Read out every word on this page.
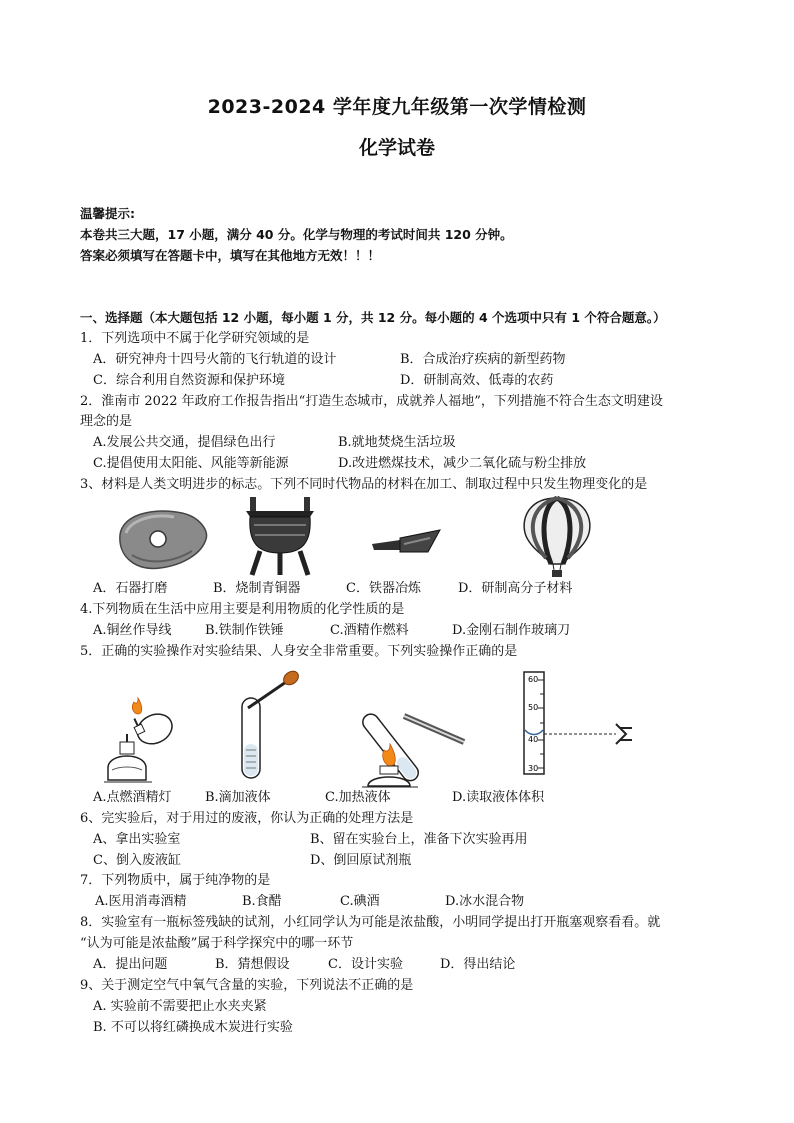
2023-2024 学年度九年级第一次学情检测
化学试卷
温馨提示:
本卷共三大题，17 小题，满分 40 分。化学与物理的考试时间共 120 分钟。
答案必须填写在答题卡中，填写在其他地方无效！！！
一、选择题（本大题包括 12 小题，每小题 1 分，共 12 分。每小题的 4 个选项中只有 1 个符合题意。）
1．下列选项中不属于化学研究领域的是
A．研究神舟十四号火箭的飞行轨道的设计	B．合成治疗疾病的新型药物
C．综合利用自然资源和保护环境	D．研制高效、低毒的农药
2．淮南市 2022 年政府工作报告指出“打造生态城市，成就养人福地”，下列措施不符合生态文明建设
理念的是
A.发展公共交通，提倡绿色出行	B.就地焚烧生活垃圾
C.提倡使用太阳能、风能等新能源	D.改进燃煤技术，减少二氧化硫与粉尘排放
3、材料是人类文明进步的标志。下列不同时代物品的材料在加工、制取过程中只发生物理变化的是
A．石器打磨	B．烧制青铜器	C．铁器冶炼	D．研制高分子材料
4.下列物质在生活中应用主要是利用物质的化学性质的是
A.铜丝作导线	B.铁制作铁锤	C.酒精作燃料	D.金刚石制作玻璃刀
5．正确的实验操作对实验结果、人身安全非常重要。下列实验操作正确的是
60
50
40
30
A.点燃酒精灯	B.滴加液体	C.加热液体	D.读取液体体积
6、完实验后，对于用过的废液，你认为正确的处理方法是
A、拿出实验室	B、留在实验台上，准备下次实验再用
C、倒入废液缸	D、倒回原试剂瓶
7．下列物质中，属于纯净物的是
A.医用消毒酒精	B.食醋	C.碘酒	D.冰水混合物
8．实验室有一瓶标签残缺的试剂，小红同学认为可能是浓盐酸，小明同学提出打开瓶塞观察看看。就
“认为可能是浓盐酸”属于科学探究中的哪一环节
A．提出问题	B．猜想假设	C．设计实验	D．得出结论
9、关于测定空气中氧气含量的实验，下列说法不正确的是
A. 实验前不需要把止水夹夹紧
B. 不可以将红磷换成木炭进行实验
